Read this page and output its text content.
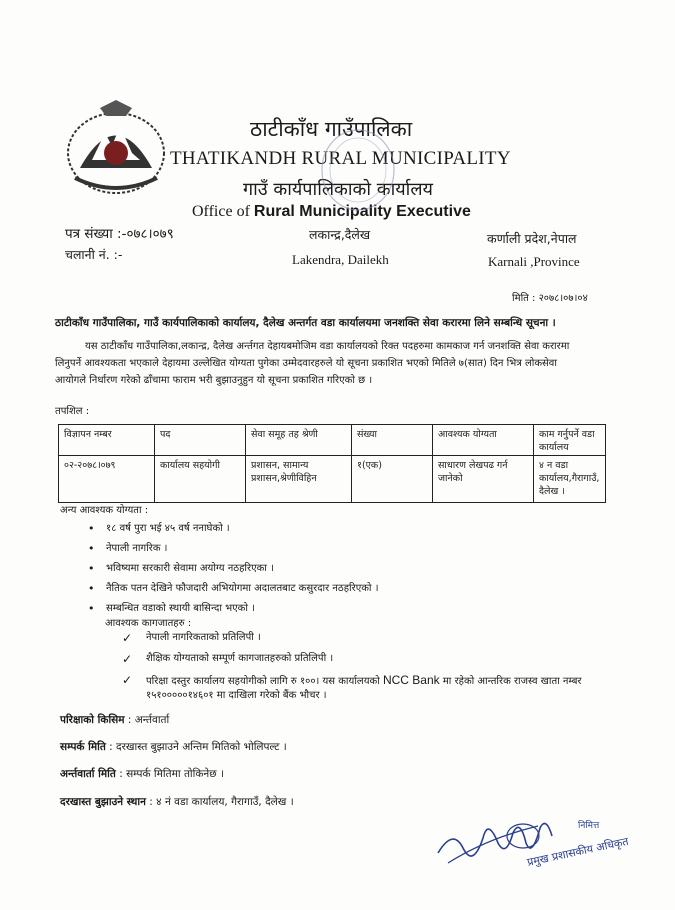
ठाटीकाँध गाउँपालिका
THATIKANDH RURAL MUNICIPALITY
गाउँ कार्यपालिकाको कार्यालय
Office of Rural Municipality Executive
पत्र संख्या :-०७८।०७९
चलानी नं. :-
लकान्द्र,दैलेख
Lakendra, Dailekh
कर्णाली प्रदेश,नेपाल
Karnali ,Province
मिति : २०७८।०७।०४
ठाटीकाँध गाउँपालिका, गाउँ कार्यपालिकाको कार्यालय, दैलेख अन्तर्गत वडा कार्यालयमा जनशक्ति सेवा करारमा लिने सम्बन्धि सूचना ।
यस ठाटीकाँध गाउँपालिका,लकान्द्र, दैलेख अर्न्तगत देहायबमोजिम वडा कार्यालयको रिक्त पदहरुमा कामकाज गर्न जनशक्ति सेवा करारमा लिनुपर्ने आवश्यकता भएकाले देहायमा उल्लेखित योग्यता पुगेका उम्मेदवारहरुले यो सूचना प्रकाशित भएको मितिले ७(सात) दिन भित्र लोकसेवा आयोगले निर्धारण गरेको ढाँचामा फाराम भरी बुझाउनुहुन यो सूचना प्रकाशित गरिएको छ ।
तपशिल :
विज्ञापन नम्बर	पद	सेवा समूह तह श्रेणी	संख्या	आवश्यक योग्यता	काम गर्नुपर्ने वडा कार्यालय
०२-२०७८।०७९	कार्यालय सहयोगी	प्रशासन, सामान्य प्रशासन,श्रेणीविहिन	१(एक)	साधारण लेखपढ गर्न जानेको	४ न वडा कार्यालय,गैरागाउँ, दैलेख ।
अन्य आवश्यक योग्यता :
• १८ वर्ष पुरा भई ४५ वर्ष ननाघेको ।
• नेपाली नागरिक ।
• भविष्यमा सरकारी सेवामा अयोग्य नठहरिएका ।
• नैतिक पतन देखिने फौजदारी अभियोगमा अदालतबाट कसुरदार नठहरिएको ।
• सम्बन्धित वडाको स्थायी बासिन्दा भएको ।
आवश्यक कागजातहरु :
✓ नेपाली नागरिकताको प्रतिलिपी ।
✓ शैक्षिक योग्यताको सम्पूर्ण कागजातहरुको प्रतिलिपी ।
✓ परिक्षा दस्तुर कार्यालय सहयोगीको लागि रु १००। यस कार्यालयको NCC Bank मा रहेको आन्तरिक राजस्व खाता नम्बर १५१०००००१४६०१ मा दाखिला गरेको बैंक भौचर ।
परिक्षाको किसिम : अर्न्तवार्ता
सम्पर्क मिति : दरखास्त बुझाउने अन्तिम मितिको भोलिपल्ट ।
अर्न्तवार्ता मिति : सम्पर्क मितिमा तोकिनेछ ।
दरखास्त बुझाउने स्थान : ४ नं वडा कार्यालय, गैरागाउँ, दैलेख ।
प्रमुख प्रशासकीय अधिकृत
निमित्त
